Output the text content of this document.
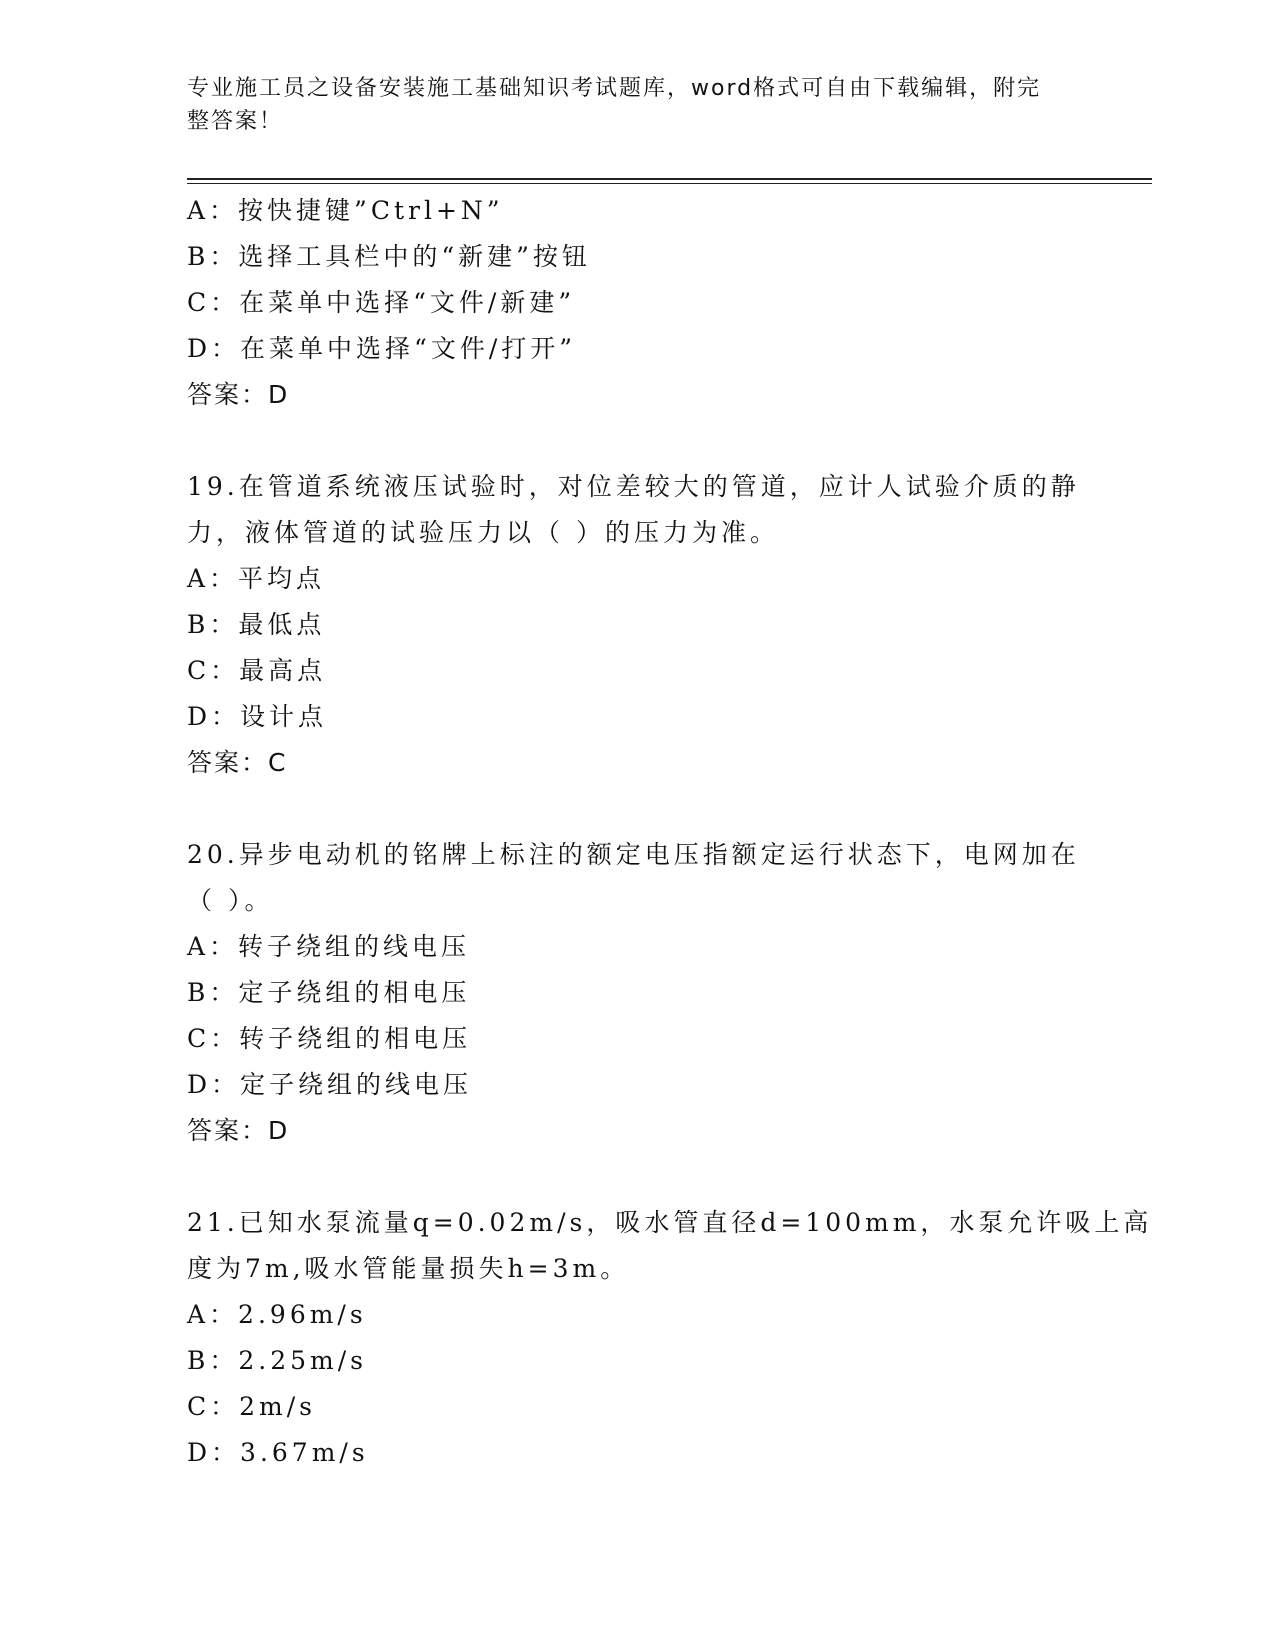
专业施工员之设备安装施工基础知识考试题库，word格式可自由下载编辑，附完
整答案！
A：按快捷键”Ctrl+N”
B：选择工具栏中的“新建”按钮
C：在菜单中选择“文件/新建”
D：在菜单中选择“文件/打开”
答案：D
19.在管道系统液压试验时，对位差较大的管道，应计人试验介质的静
力，液体管道的试验压力以（ ）的压力为准。
A：平均点
B：最低点
C：最高点
D：设计点
答案：C
20.异步电动机的铭牌上标注的额定电压指额定运行状态下，电网加在
（ ）。
A：转子绕组的线电压
B：定子绕组的相电压
C：转子绕组的相电压
D：定子绕组的线电压
答案：D
21.已知水泵流量q=0.02m/s，吸水管直径d=100mm，水泵允许吸上高
度为7m,吸水管能量损失h=3m。
A：2.96m/s
B：2.25m/s
C：2m/s
D：3.67m/s
